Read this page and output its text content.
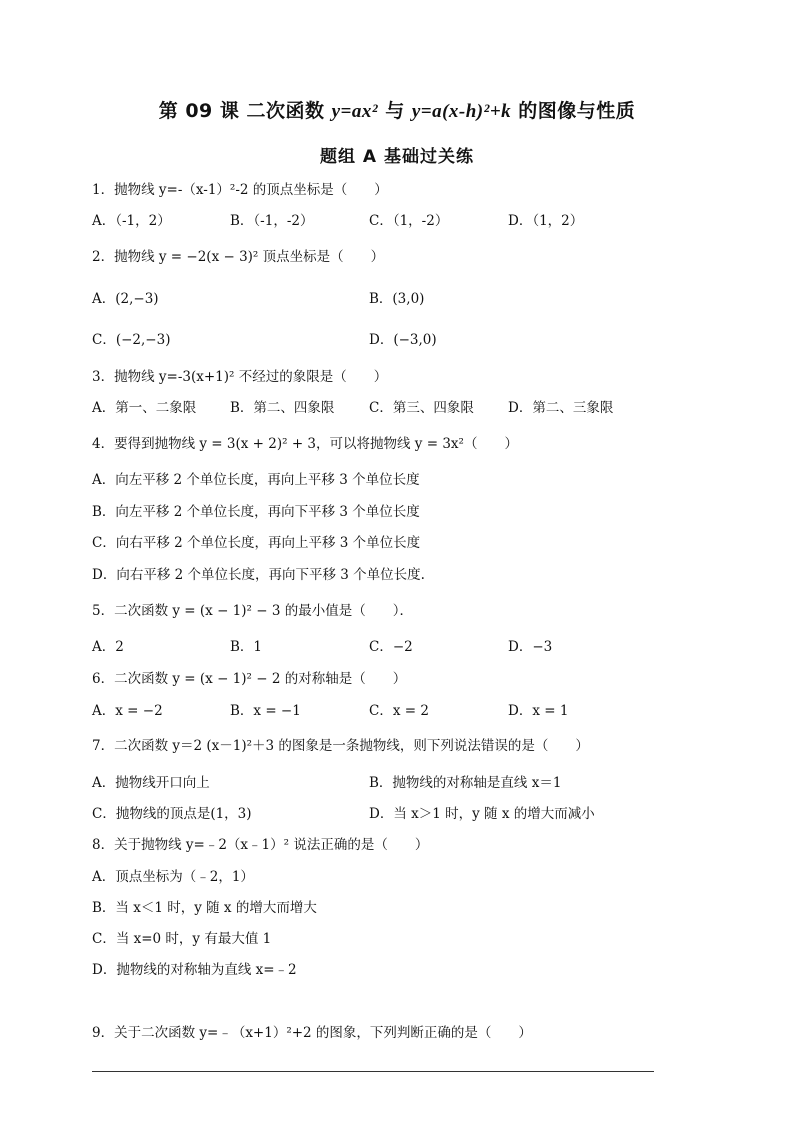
第 09 课 二次函数 y=ax² 与 y=a(x-h)²+k 的图像与性质
题组 A 基础过关练
1．抛物线 y=-（x-1）²-2 的顶点坐标是（　　）
A．（-1，2）	B．（-1，-2）	C．（1，-2）	D．（1，2）
2．抛物线 y = −2(x − 3)² 顶点坐标是（　　）
A．(2,−3)	B．(3,0)
C．(−2,−3)	D．(−3,0)
3．抛物线 y=-3(x+1)² 不经过的象限是（　　）
A．第一、二象限	B．第二、四象限	C．第三、四象限	D．第二、三象限
4．要得到抛物线 y = 3(x + 2)² + 3，可以将抛物线 y = 3x²（　　）
A．向左平移 2 个单位长度，再向上平移 3 个单位长度
B．向左平移 2 个单位长度，再向下平移 3 个单位长度
C．向右平移 2 个单位长度，再向上平移 3 个单位长度
D．向右平移 2 个单位长度，再向下平移 3 个单位长度.
5．二次函数 y = (x − 1)² − 3 的最小值是（　　）．
A．2	B．1	C．−2	D．−3
6．二次函数 y = (x − 1)² − 2 的对称轴是（　　）
A．x = −2	B．x = −1	C．x = 2	D．x = 1
7．二次函数 y＝2 (x－1)²＋3 的图象是一条抛物线，则下列说法错误的是（　　）
A．抛物线开口向上	B．抛物线的对称轴是直线 x＝1
C．抛物线的顶点是(1，3)	D．当 x＞1 时，y 随 x 的增大而减小
8．关于抛物线 y=﹣2（x﹣1）² 说法正确的是（　　）
A．顶点坐标为（﹣2，1）
B．当 x＜1 时，y 随 x 的增大而增大
C．当 x=0 时，y 有最大值 1
D．抛物线的对称轴为直线 x=﹣2
9．关于二次函数 y=﹣（x+1）²+2 的图象，下列判断正确的是（　　）
